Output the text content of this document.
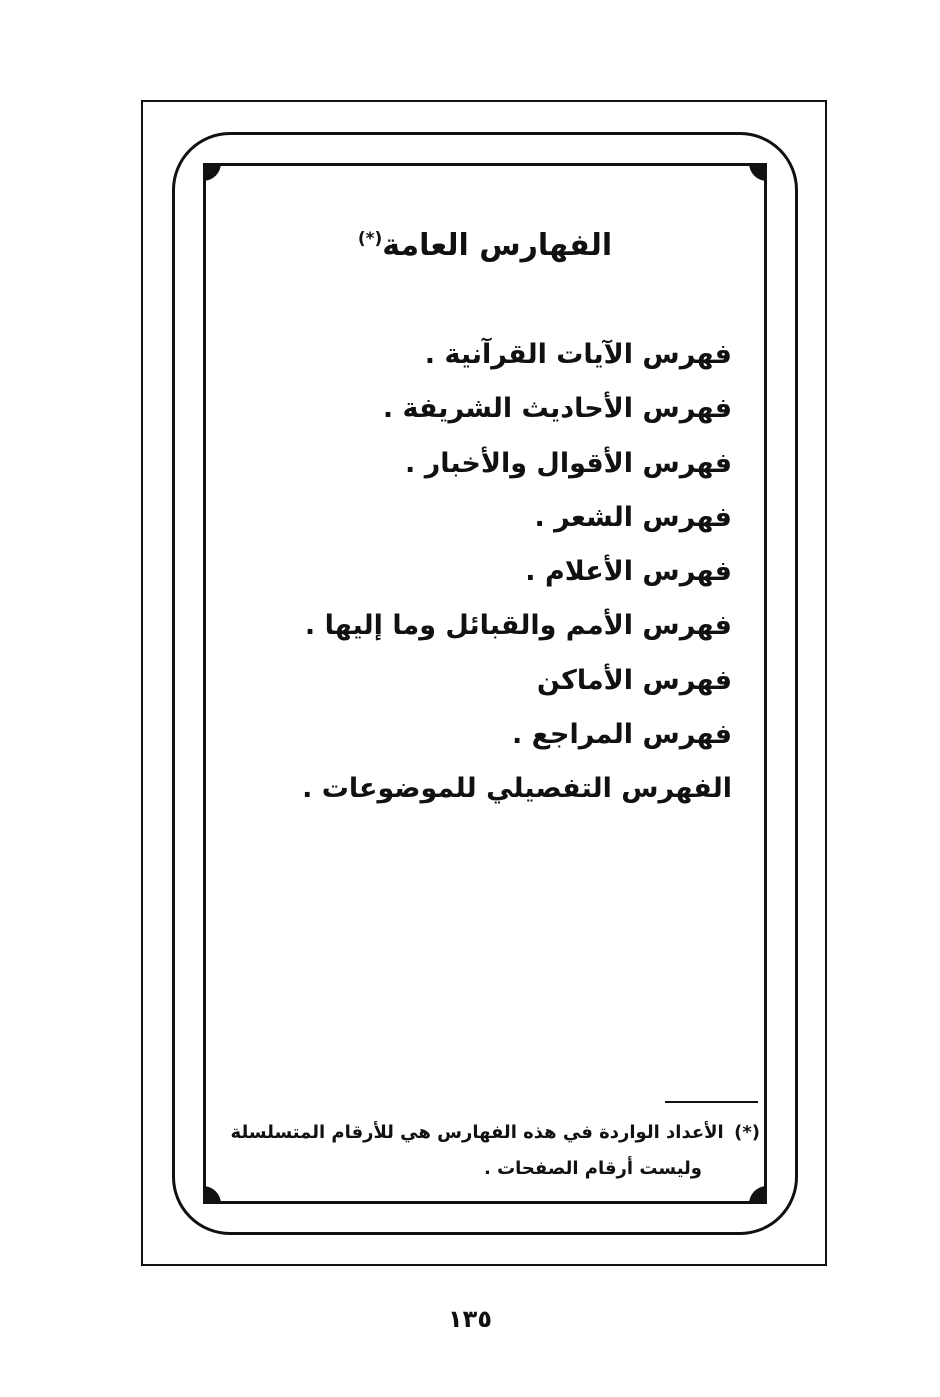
الفهارس العامة(*)
فهرس الآيات القرآنية .
فهرس الأحاديث الشريفة .
فهرس الأقوال والأخبار .
فهرس الشعر .
فهرس الأعلام .
فهرس الأمم والقبائل وما إليها .
فهرس الأماكن
فهرس المراجع .
الفهرس التفصيلي للموضوعات .
(*) الأعداد الواردة في هذه الفهارس هي للأرقام المتسلسلة
وليست أرقام الصفحات .
١٣٥
